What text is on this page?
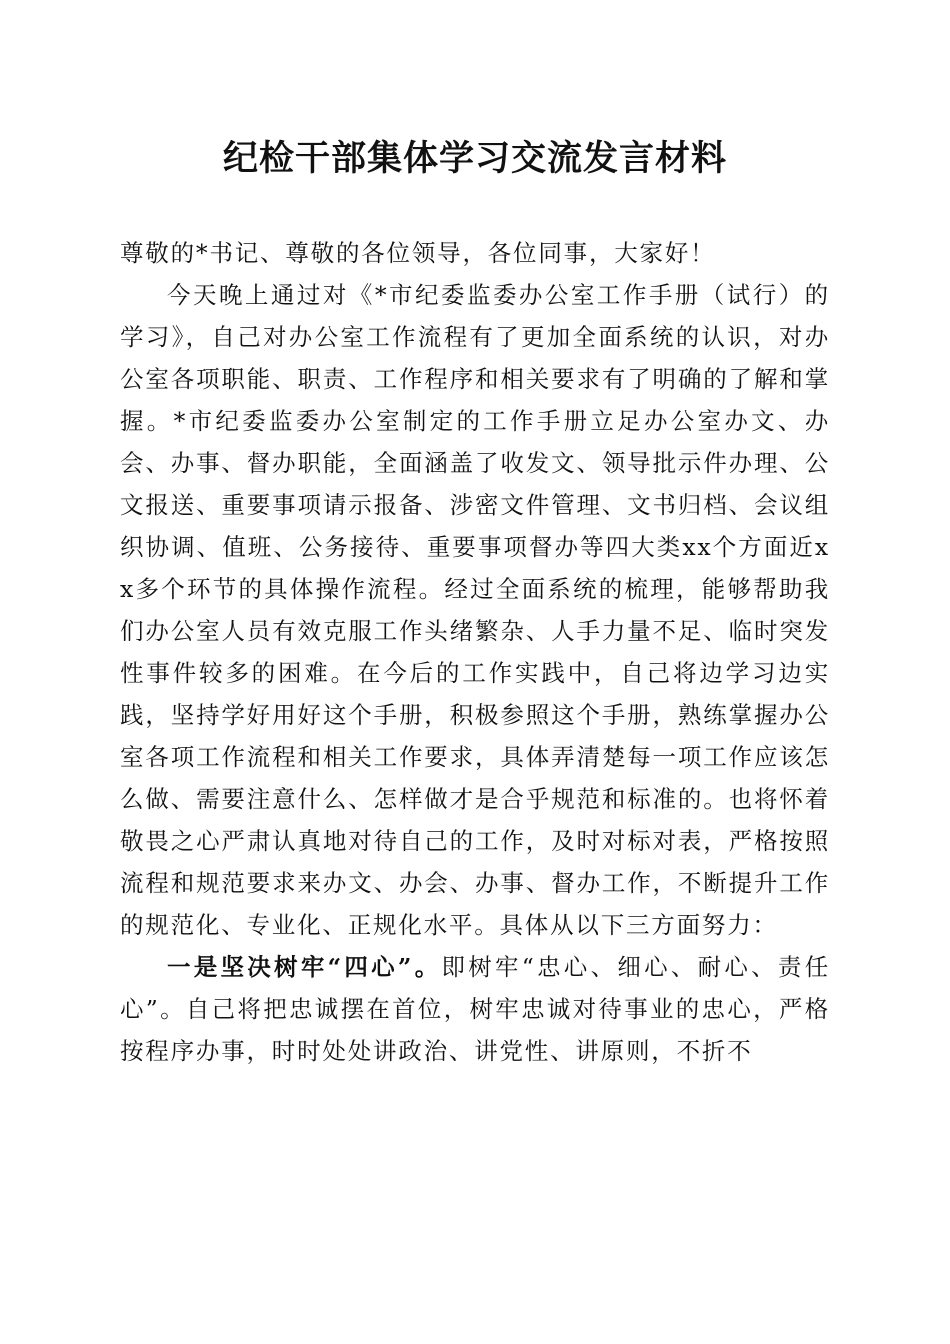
纪检干部集体学习交流发言材料

尊敬的*书记、尊敬的各位领导，各位同事，大家好！

今天晚上通过对《*市纪委监委办公室工作手册（试行）的学习》，自己对办公室工作流程有了更加全面系统的认识，对办公室各项职能、职责、工作程序和相关要求有了明确的了解和掌握。*市纪委监委办公室制定的工作手册立足办公室办文、办会、办事、督办职能，全面涵盖了收发文、领导批示件办理、公文报送、重要事项请示报备、涉密文件管理、文书归档、会议组织协调、值班、公务接待、重要事项督办等四大类xx个方面近xx多个环节的具体操作流程。经过全面系统的梳理，能够帮助我们办公室人员有效克服工作头绪繁杂、人手力量不足、临时突发性事件较多的困难。在今后的工作实践中，自己将边学习边实践，坚持学好用好这个手册，积极参照这个手册，熟练掌握办公室各项工作流程和相关工作要求，具体弄清楚每一项工作应该怎么做、需要注意什么、怎样做才是合乎规范和标准的。也将怀着敬畏之心严肃认真地对待自己的工作，及时对标对表，严格按照流程和规范要求来办文、办会、办事、督办工作，不断提升工作的规范化、专业化、正规化水平。具体从以下三方面努力：

一是坚决树牢“四心”。即树牢“忠心、细心、耐心、责任心”。自己将把忠诚摆在首位，树牢忠诚对待事业的忠心，严格按程序办事，时时处处讲政治、讲党性、讲原则，不折不
